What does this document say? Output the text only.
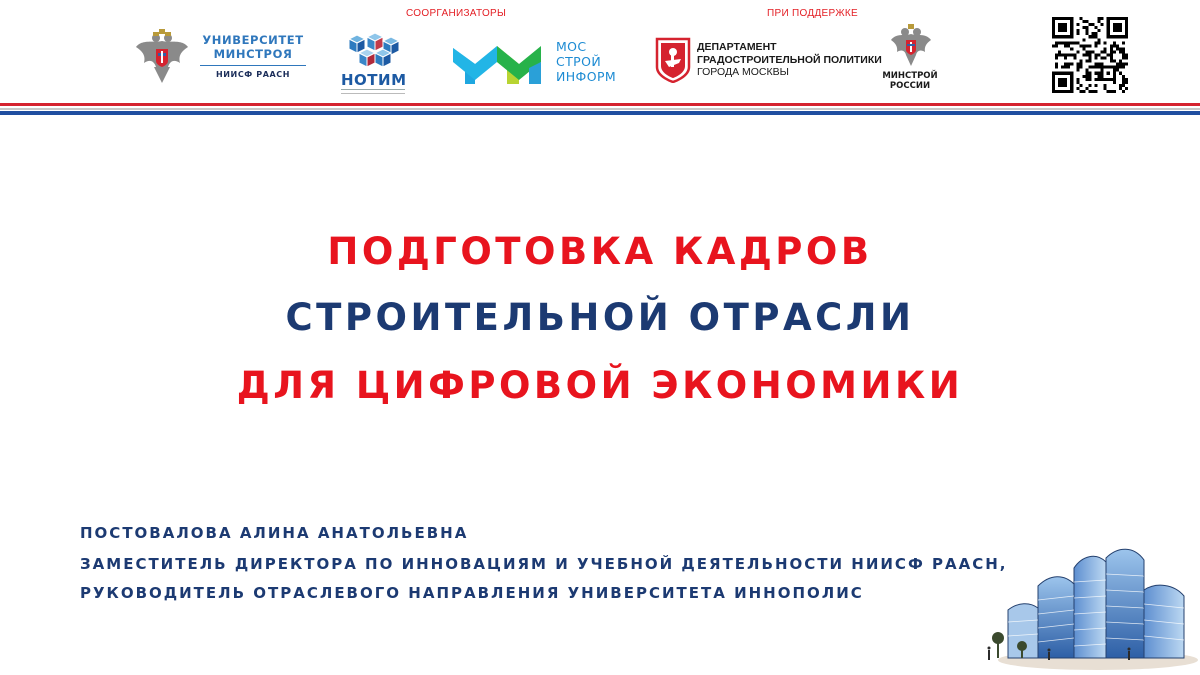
СООРГАНИЗАТОРЫ	ПРИ ПОДДЕРЖКЕ
УНИВЕРСИТЕТ
МИНСТРОЯ
НИИСФ РААСН	НОТИМ
МОС
СТРОЙ
ИНФОРМ
ДЕПАРТАМЕНТ
ГРАДОСТРОИТЕЛЬНОЙ ПОЛИТИКИ
ГОРОДА МОСКВЫ	МИНСТРОЙ
РОССИИ
ПОДГОТОВКА КАДРОВ
СТРОИТЕЛЬНОЙ ОТРАСЛИ
ДЛЯ ЦИФРОВОЙ ЭКОНОМИКИ
ПОСТОВАЛОВА АЛИНА АНАТОЛЬЕВНА
ЗАМЕСТИТЕЛЬ ДИРЕКТОРА ПО ИННОВАЦИЯМ И УЧЕБНОЙ ДЕЯТЕЛЬНОСТИ НИИСФ РААСН,
РУКОВОДИТЕЛЬ ОТРАСЛЕВОГО НАПРАВЛЕНИЯ УНИВЕРСИТЕТА ИННОПОЛИС
